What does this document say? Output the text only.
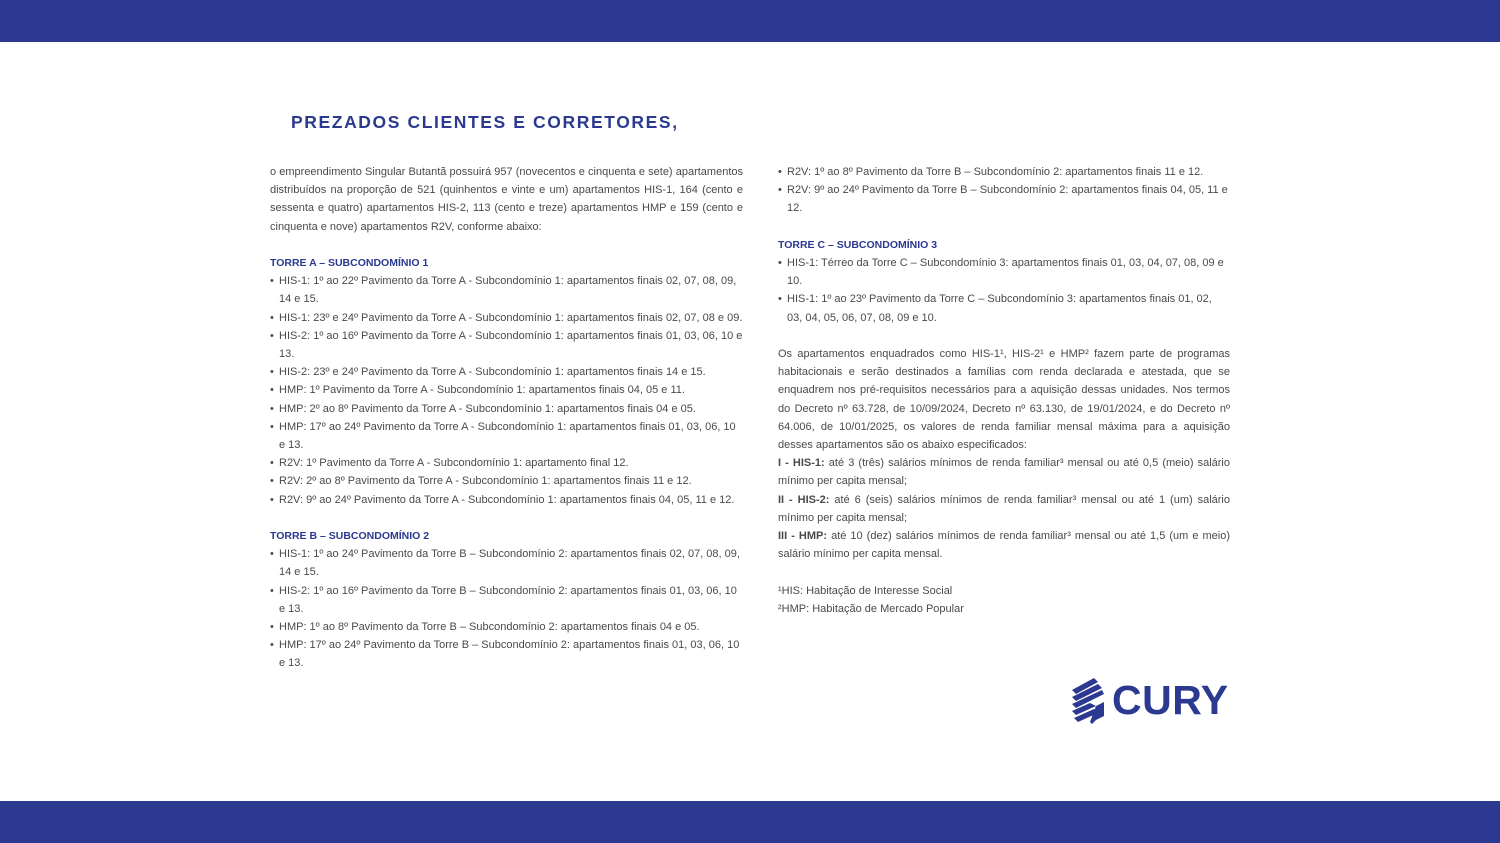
PREZADOS CLIENTES E CORRETORES,

o empreendimento Singular Butantã possuirá 957 (novecentos e cinquenta e sete) apartamentos distribuídos na proporção de 521 (quinhentos e vinte e um) apartamentos HIS-1, 164 (cento e sessenta e quatro) apartamentos HIS-2, 113 (cento e treze) apartamentos HMP e 159 (cento e cinquenta e nove) apartamentos R2V, conforme abaixo:

TORRE A – SUBCONDOMÍNIO 1

• HIS-1: 1º ao 22º Pavimento da Torre A - Subcondomínio 1: apartamentos finais 02, 07, 08, 09, 14 e 15.
• HIS-1: 23º e 24º Pavimento da Torre A - Subcondomínio 1: apartamentos finais 02, 07, 08 e 09.
• HIS-2: 1º ao 16º Pavimento da Torre A - Subcondomínio 1: apartamentos finais 01, 03, 06, 10 e 13.
• HIS-2: 23º e 24º Pavimento da Torre A - Subcondomínio 1: apartamentos finais 14 e 15.
• HMP: 1º Pavimento da Torre A - Subcondomínio 1: apartamentos finais 04, 05 e 11.
• HMP: 2º ao 8º Pavimento da Torre A - Subcondomínio 1: apartamentos finais 04 e 05.
• HMP: 17º ao 24º Pavimento da Torre A - Subcondomínio 1: apartamentos finais 01, 03, 06, 10 e 13.
• R2V: 1º Pavimento da Torre A - Subcondomínio 1: apartamento final 12.
• R2V: 2º ao 8º Pavimento da Torre A - Subcondomínio 1: apartamentos finais 11 e 12.
• R2V: 9º ao 24º Pavimento da Torre A - Subcondomínio 1: apartamentos finais 04, 05, 11 e 12.

TORRE B – SUBCONDOMÍNIO 2

• HIS-1: 1º ao 24º Pavimento da Torre B – Subcondomínio 2: apartamentos finais 02, 07, 08, 09, 14 e 15.
• HIS-2: 1º ao 16º Pavimento da Torre B – Subcondomínio 2: apartamentos finais 01, 03, 06, 10 e 13.
• HMP: 1º ao 8º Pavimento da Torre B – Subcondomínio 2: apartamentos finais 04 e 05.
• HMP: 17º ao 24º Pavimento da Torre B – Subcondomínio 2: apartamentos finais 01, 03, 06, 10 e 13.
• R2V: 1º ao 8º Pavimento da Torre B – Subcondomínio 2: apartamentos finais 11 e 12.
• R2V: 9º ao 24º Pavimento da Torre B – Subcondomínio 2: apartamentos finais 04, 05, 11 e 12.

TORRE C – SUBCONDOMÍNIO 3

• HIS-1: Térreo da Torre C – Subcondomínio 3: apartamentos finais 01, 03, 04, 07, 08, 09 e 10.
• HIS-1: 1º ao 23º Pavimento da Torre C – Subcondomínio 3: apartamentos finais 01, 02, 03, 04, 05, 06, 07, 08, 09 e 10.

Os apartamentos enquadrados como HIS-1¹, HIS-2¹ e HMP² fazem parte de programas habitacionais e serão destinados a famílias com renda declarada e atestada, que se enquadrem nos pré-requisitos necessários para a aquisição dessas unidades. Nos termos do Decreto nº 63.728, de 10/09/2024, Decreto nº 63.130, de 19/01/2024, e do Decreto nº 64.006, de 10/01/2025, os valores de renda familiar mensal máxima para a aquisição desses apartamentos são os abaixo especificados:

I - HIS-1: até 3 (três) salários mínimos de renda familiar³ mensal ou até 0,5 (meio) salário mínimo per capita mensal;

II - HIS-2: até 6 (seis) salários mínimos de renda familiar³ mensal ou até 1 (um) salário mínimo per capita mensal;

III - HMP: até 10 (dez) salários mínimos de renda familiar³ mensal ou até 1,5 (um e meio) salário mínimo per capita mensal.

¹HIS: Habitação de Interesse Social

²HMP: Habitação de Mercado Popular

CURY
